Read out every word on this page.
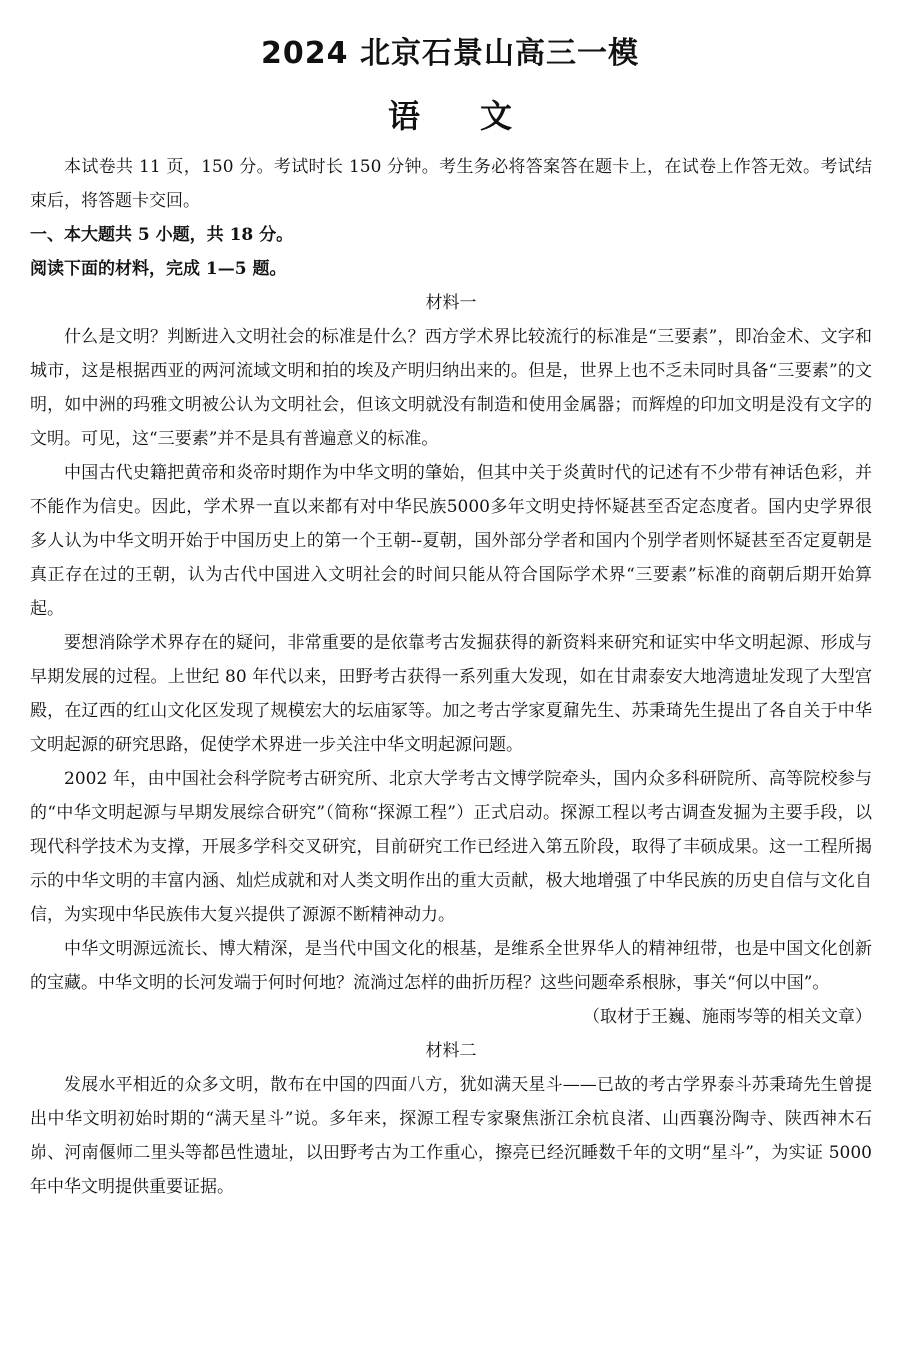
2024 北京石景山高三一模
语文

本试卷共 11 页，150 分。考试时长 150 分钟。考生务必将答案答在题卡上，在试卷上作答无效。考试结束后，将答题卡交回。

一、本大题共 5 小题，共 18 分。

阅读下面的材料，完成 1—5 题。

材料一

什么是文明？判断进入文明社会的标准是什么？西方学术界比较流行的标准是“三要素”，即冶金术、文字和城市，这是根据西亚的两河流域文明和拍的埃及产明归纳出来的。但是，世界上也不乏未同时具备“三要素”的文明，如中洲的玛雅文明被公认为文明社会，但该文明就没有制造和使用金属器；而辉煌的印加文明是没有文字的文明。可见，这“三要素”并不是具有普遍意义的标准。

中国古代史籍把黄帝和炎帝时期作为中华文明的肇始，但其中关于炎黄时代的记述有不少带有神话色彩，并不能作为信史。因此，学术界一直以来都有对中华民族5000多年文明史持怀疑甚至否定态度者。国内史学界很多人认为中华文明开始于中国历史上的第一个王朝--夏朝，国外部分学者和国内个别学者则怀疑甚至否定夏朝是真正存在过的王朝，认为古代中国进入文明社会的时间只能从符合国际学术界“三要素”标准的商朝后期开始算起。

要想消除学术界存在的疑问，非常重要的是依靠考古发掘获得的新资料来研究和证实中华文明起源、形成与早期发展的过程。上世纪 80 年代以来，田野考古获得一系列重大发现，如在甘肃泰安大地湾遗址发现了大型宫殿，在辽西的红山文化区发现了规模宏大的坛庙冢等。加之考古学家夏鼐先生、苏秉琦先生提出了各自关于中华文明起源的研究思路，促使学术界进一步关注中华文明起源问题。

2002 年，由中国社会科学院考古研究所、北京大学考古文博学院牵头，国内众多科研院所、高等院校参与的“中华文明起源与早期发展综合研究”（简称“探源工程”）正式启动。探源工程以考古调查发掘为主要手段，以现代科学技术为支撑，开展多学科交叉研究，目前研究工作已经进入第五阶段，取得了丰硕成果。这一工程所揭示的中华文明的丰富内涵、灿烂成就和对人类文明作出的重大贡献，极大地增强了中华民族的历史自信与文化自信，为实现中华民族伟大复兴提供了源源不断精神动力。

中华文明源远流长、博大精深，是当代中国文化的根基，是维系全世界华人的精神纽带，也是中国文化创新的宝藏。中华文明的长河发端于何时何地？流淌过怎样的曲折历程？这些问题牵系根脉，事关“何以中国”。

（取材于王巍、施雨岑等的相关文章）

材料二

发展水平相近的众多文明，散布在中国的四面八方，犹如满天星斗——已故的考古学界泰斗苏秉琦先生曾提出中华文明初始时期的“满天星斗”说。多年来，探源工程专家聚焦浙江余杭良渚、山西襄汾陶寺、陕西神木石峁、河南偃师二里头等都邑性遗址，以田野考古为工作重心，擦亮已经沉睡数千年的文明“星斗”，为实证 5000 年中华文明提供重要证据。
